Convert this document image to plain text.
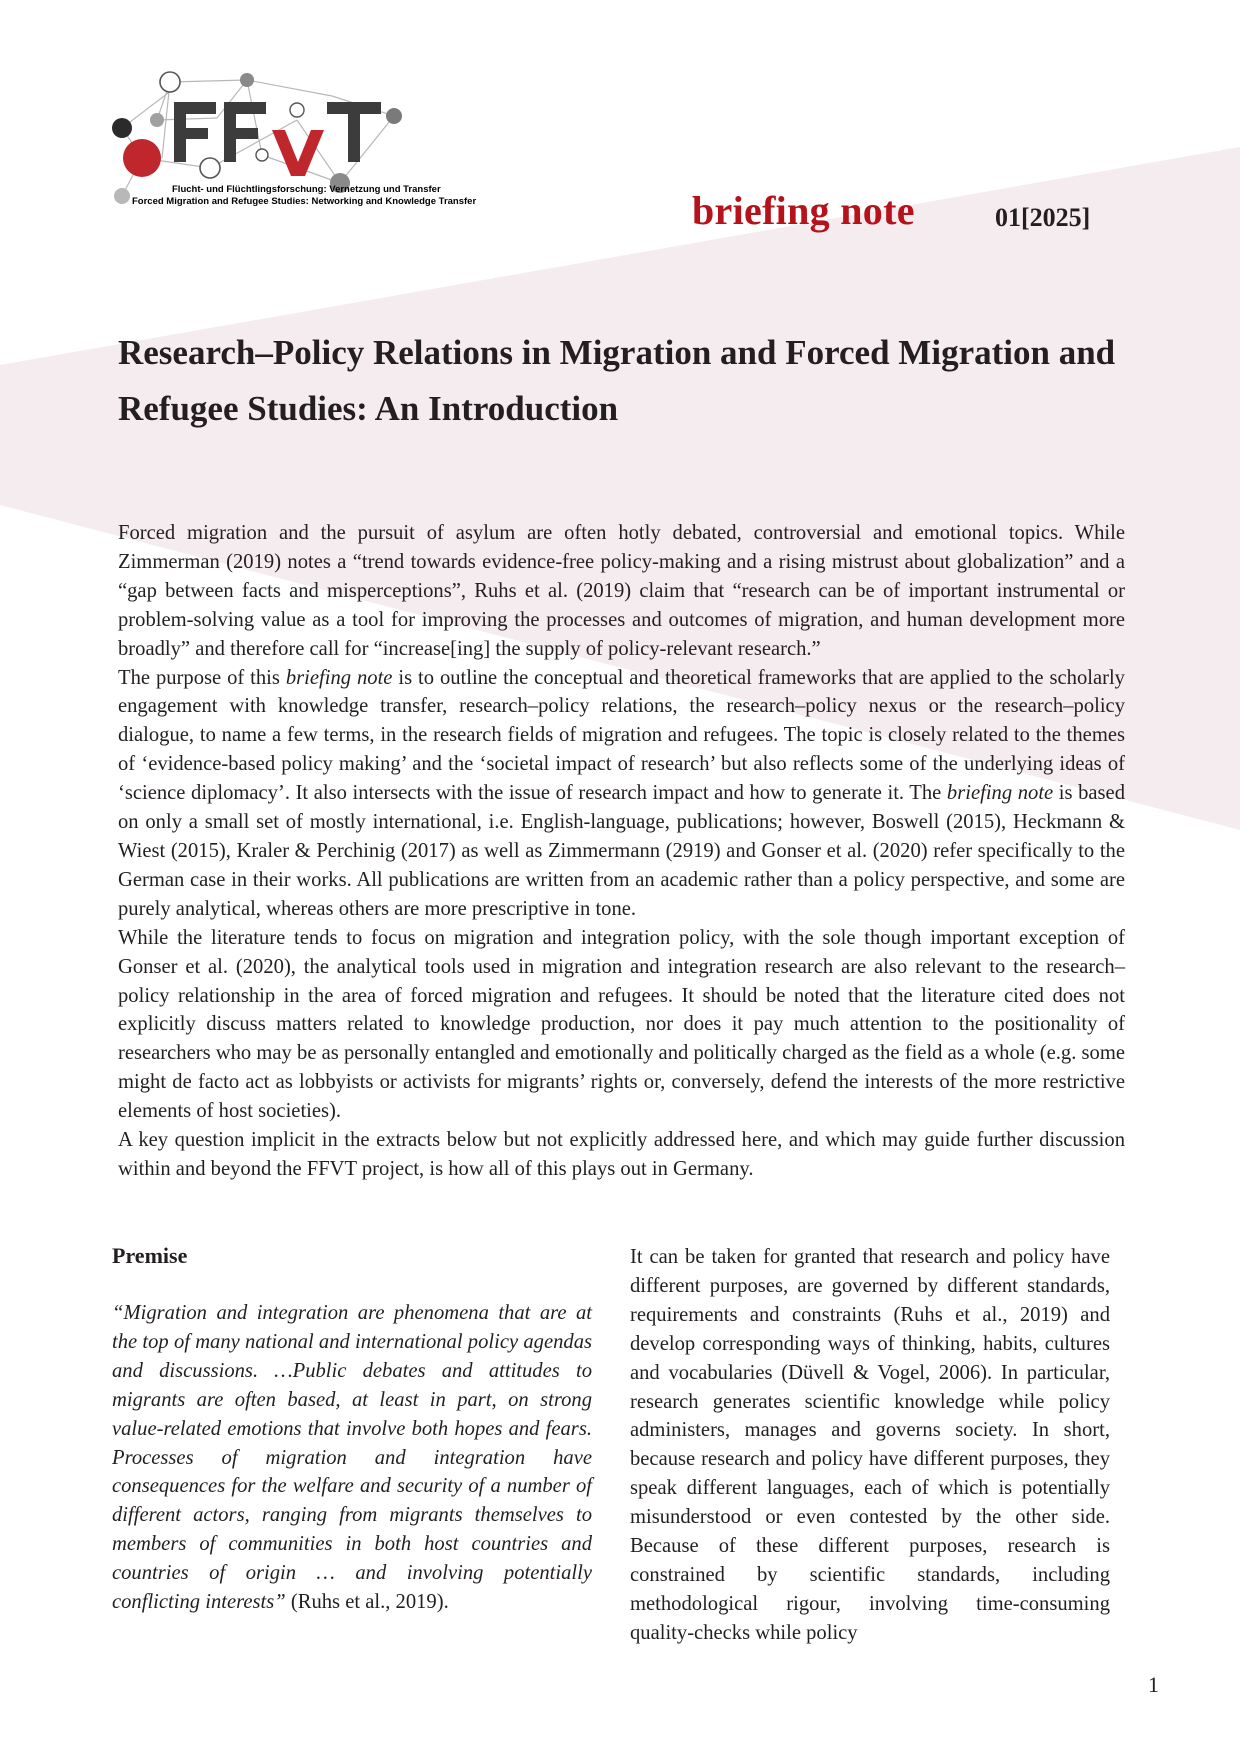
Flucht- und Flüchtlingsforschung: Vernetzung und Transfer
Forced Migration and Refugee Studies: Networking and Knowledge Transfer	briefing note	01[2025]
Research–Policy Relations in Migration and Forced Migration and Refugee Studies: An Introduction

Forced migration and the pursuit of asylum are often hotly debated, controversial and emotional topics. While Zimmerman (2019) notes a “trend towards evidence-free policy-making and a rising mistrust about globalization” and a “gap between facts and misperceptions”, Ruhs et al. (2019) claim that “research can be of important instrumental or problem-solving value as a tool for improving the processes and outcomes of migration, and human development more broadly” and therefore call for “increase[ing] the supply of policy-relevant research.”

The purpose of this briefing note is to outline the conceptual and theoretical frameworks that are applied to the scholarly engagement with knowledge transfer, research–policy relations, the research–policy nexus or the research–policy dialogue, to name a few terms, in the research fields of migration and refugees. The topic is closely related to the themes of ‘evidence-based policy making’ and the ‘societal impact of research’ but also reflects some of the underlying ideas of ‘science diplomacy’. It also intersects with the issue of research impact and how to generate it. The briefing note is based on only a small set of mostly international, i.e. English-language, publications; however, Boswell (2015), Heckmann & Wiest (2015), Kraler & Perchinig (2017) as well as Zimmermann (2919) and Gonser et al. (2020) refer specifically to the German case in their works. All publications are written from an academic rather than a policy perspective, and some are purely analytical, whereas others are more prescriptive in tone.

While the literature tends to focus on migration and integration policy, with the sole though important exception of Gonser et al. (2020), the analytical tools used in migration and integration research are also relevant to the research–policy relationship in the area of forced migration and refugees. It should be noted that the literature cited does not explicitly discuss matters related to knowledge production, nor does it pay much attention to the positionality of researchers who may be as personally entangled and emotionally and politically charged as the field as a whole (e.g. some might de facto act as lobbyists or activists for migrants’ rights or, conversely, defend the interests of the more restrictive elements of host societies).

A key question implicit in the extracts below but not explicitly addressed here, and which may guide further discussion within and beyond the FFVT project, is how all of this plays out in Germany.

Premise

“Migration and integration are phenomena that are at the top of many national and international policy agendas and discussions. …Public debates and attitudes to migrants are often based, at least in part, on strong value-related emotions that involve both hopes and fears. Processes of migration and integration have consequences for the welfare and security of a number of different actors, ranging from migrants themselves to members of communities in both host countries and countries of origin … and involving potentially conflicting interests” (Ruhs et al., 2019).

It can be taken for granted that research and policy have different purposes, are governed by different standards, requirements and constraints (Ruhs et al., 2019) and develop corresponding ways of thinking, habits, cultures and vocabularies (Düvell & Vogel, 2006). In particular, research generates scientific knowledge while policy administers, manages and governs society. In short, because research and policy have different purposes, they speak different languages, each of which is potentially misunderstood or even contested by the other side. Because of these different purposes, research is constrained by scientific standards, including methodological rigour, involving time-consuming quality-checks while policy

1
